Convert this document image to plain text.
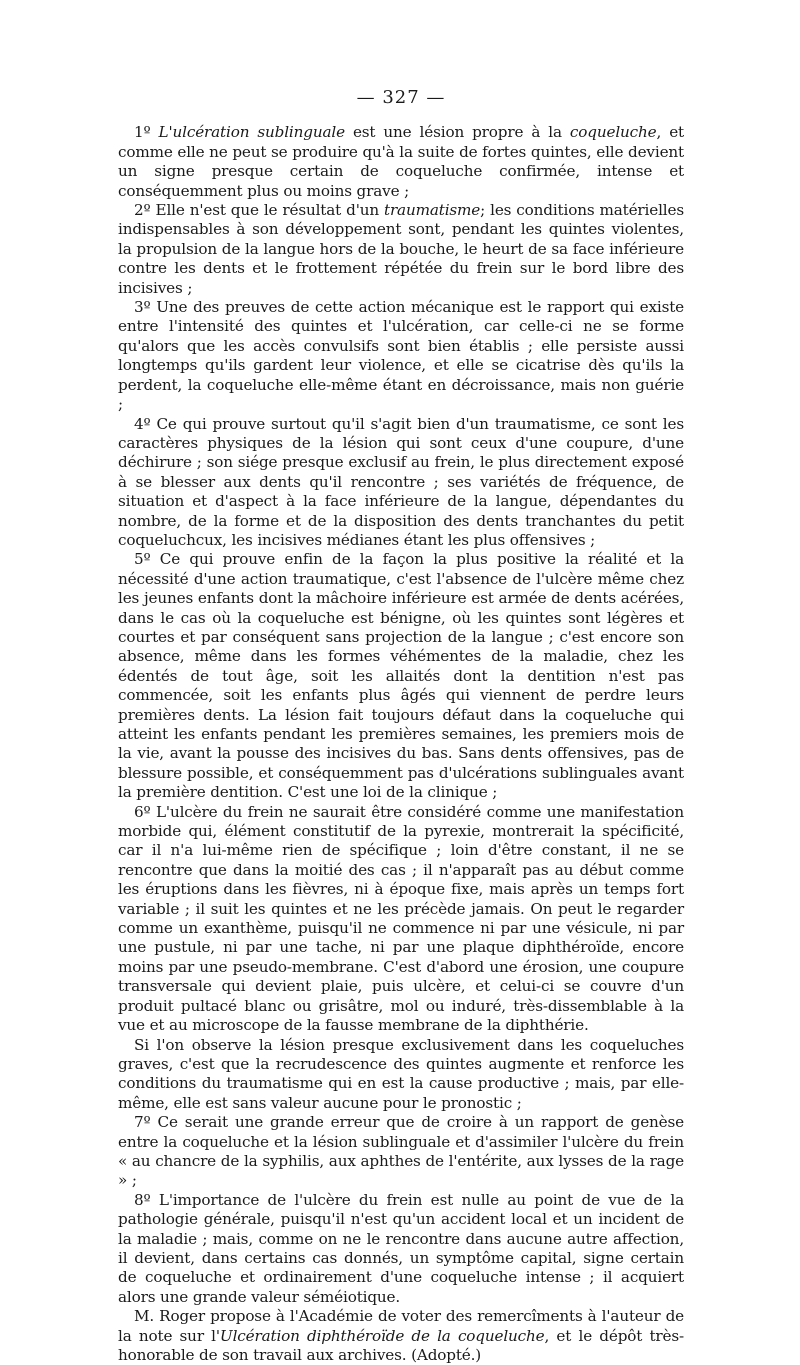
— 327 —

1º L'ulcération sublinguale est une lésion propre à la coqueluche, et comme elle ne peut se produire qu'à la suite de fortes quintes, elle devient un signe presque certain de coqueluche confirmée, intense et conséquemment plus ou moins grave ;

2º Elle n'est que le résultat d'un traumatisme; les conditions matérielles indispensables à son développement sont, pendant les quintes violentes, la propulsion de la langue hors de la bouche, le heurt de sa face inférieure contre les dents et le frottement répétée du frein sur le bord libre des incisives ;

3º Une des preuves de cette action mécanique est le rapport qui existe entre l'intensité des quintes et l'ulcération, car celle-ci ne se forme qu'alors que les accès convulsifs sont bien établis ; elle persiste aussi longtemps qu'ils gardent leur violence, et elle se cicatrise dès qu'ils la perdent, la coqueluche elle-même étant en décroissance, mais non guérie ;

4º Ce qui prouve surtout qu'il s'agit bien d'un traumatisme, ce sont les caractères physiques de la lésion qui sont ceux d'une coupure, d'une déchirure ; son siége presque exclusif au frein, le plus directement exposé à se blesser aux dents qu'il rencontre ; ses variétés de fréquence, de situation et d'aspect à la face inférieure de la langue, dépendantes du nombre, de la forme et de la disposition des dents tranchantes du petit coqueluchcux, les incisives médianes étant les plus offensives ;

5º Ce qui prouve enfin de la façon la plus positive la réalité et la nécessité d'une action traumatique, c'est l'absence de l'ulcère même chez les jeunes enfants dont la mâchoire inférieure est armée de dents acérées, dans le cas où la coqueluche est bénigne, où les quintes sont légères et courtes et par conséquent sans projection de la langue ; c'est encore son absence, même dans les formes véhémentes de la maladie, chez les édentés de tout âge, soit les allaités dont la dentition n'est pas commencée, soit les enfants plus âgés qui viennent de perdre leurs premières dents. La lésion fait toujours défaut dans la coqueluche qui atteint les enfants pendant les premières semaines, les premiers mois de la vie, avant la pousse des incisives du bas. Sans dents offensives, pas de blessure possible, et conséquemment pas d'ulcérations sublinguales avant la première dentition. C'est une loi de la clinique ;

6º L'ulcère du frein ne saurait être considéré comme une manifestation morbide qui, élément constitutif de la pyrexie, montrerait la spécificité, car il n'a lui-même rien de spécifique ; loin d'être constant, il ne se rencontre que dans la moitié des cas ; il n'apparaît pas au début comme les éruptions dans les fièvres, ni à époque fixe, mais après un temps fort variable ; il suit les quintes et ne les précède jamais. On peut le regarder comme un exanthème, puisqu'il ne commence ni par une vésicule, ni par une pustule, ni par une tache, ni par une plaque diphthéroïde, encore moins par une pseudo-membrane. C'est d'abord une érosion, une coupure transversale qui devient plaie, puis ulcère, et celui-ci se couvre d'un produit pultacé blanc ou grisâtre, mol ou induré, très-dissemblable à la vue et au microscope de la fausse membrane de la diphthérie.

Si l'on observe la lésion presque exclusivement dans les coqueluches graves, c'est que la recrudescence des quintes augmente et renforce les conditions du traumatisme qui en est la cause productive ; mais, par elle-même, elle est sans valeur aucune pour le pronostic ;

7º Ce serait une grande erreur que de croire à un rapport de genèse entre la coqueluche et la lésion sublinguale et d'assimiler l'ulcère du frein « au chancre de la syphilis, aux aphthes de l'entérite, aux lysses de la rage » ;

8º L'importance de l'ulcère du frein est nulle au point de vue de la pathologie générale, puisqu'il n'est qu'un accident local et un incident de la maladie ; mais, comme on ne le rencontre dans aucune autre affection, il devient, dans certains cas donnés, un symptôme capital, signe certain de coqueluche et ordinairement d'une coqueluche intense ; il acquiert alors une grande valeur séméiotique.

M. Roger propose à l'Académie de voter des remercîments à l'auteur de la note sur l'Ulcération diphthéroïde de la coqueluche, et le dépôt très-honorable de son travail aux archives. (Adopté.)
